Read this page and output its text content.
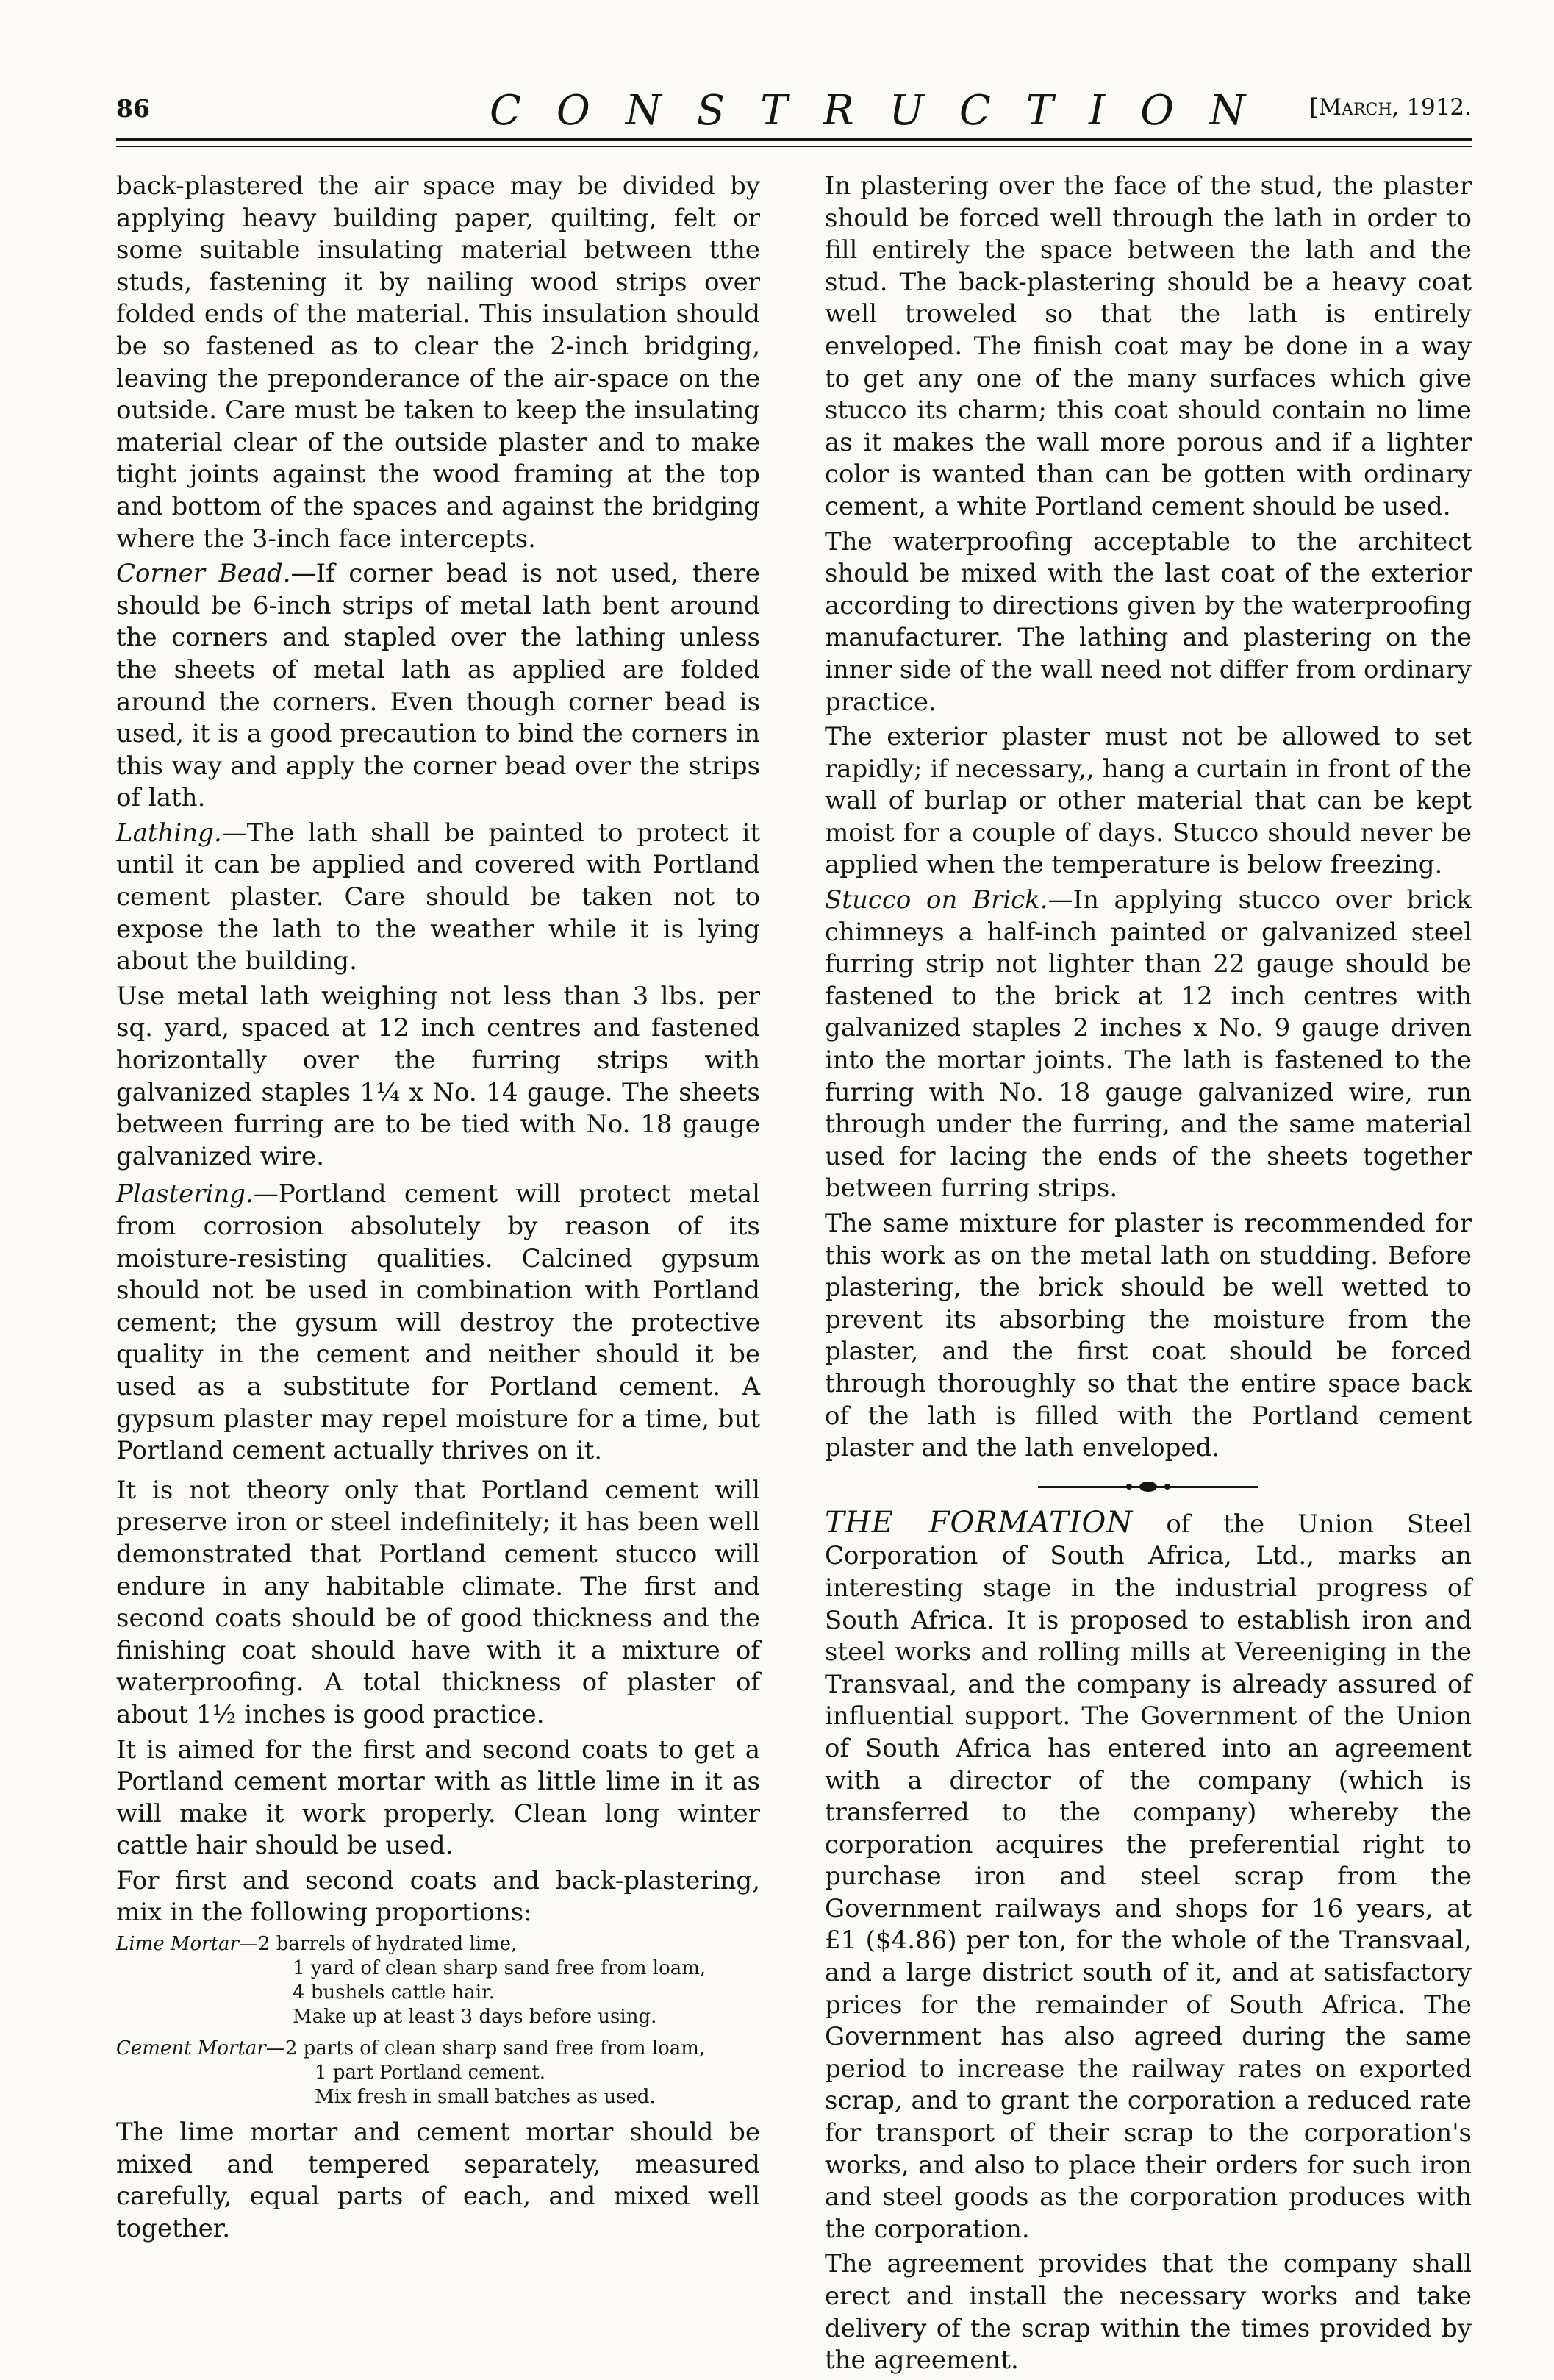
86	CONSTRUCTION [March, 1912.

back-plastered the air space may be divided by applying heavy building paper, quilting, felt or some suitable insulating material between tthe studs, fastening it by nailing wood strips over folded ends of the material. This insulation should be so fastened as to clear the 2-inch bridging, leaving the preponderance of the air-space on the outside. Care must be taken to keep the insulating material clear of the outside plaster and to make tight joints against the wood framing at the top and bottom of the spaces and against the bridging where the 3-inch face intercepts.

Corner Bead.—If corner bead is not used, there should be 6-inch strips of metal lath bent around the corners and stapled over the lathing unless the sheets of metal lath as applied are folded around the corners. Even though corner bead is used, it is a good precaution to bind the corners in this way and apply the corner bead over the strips of lath.

Lathing.—The lath shall be painted to protect it until it can be applied and covered with Portland cement plaster. Care should be taken not to expose the lath to the weather while it is lying about the building.

Use metal lath weighing not less than 3 lbs. per sq. yard, spaced at 12 inch centres and fastened horizontally over the furring strips with galvanized staples 1¼ x No. 14 gauge. The sheets between furring are to be tied with No. 18 gauge galvanized wire.

Plastering.—Portland cement will protect metal from corrosion absolutely by reason of its moisture-resisting qualities. Calcined gypsum should not be used in combination with Portland cement; the gysum will destroy the protective quality in the cement and neither should it be used as a substitute for Portland cement. A gypsum plaster may repel moisture for a time, but Portland cement actually thrives on it.

It is not theory only that Portland cement will preserve iron or steel indefinitely; it has been well demonstrated that Portland cement stucco will endure in any habitable climate. The first and second coats should be of good thickness and the finishing coat should have with it a mixture of waterproofing. A total thickness of plaster of about 1½ inches is good practice.

It is aimed for the first and second coats to get a Portland cement mortar with as little lime in it as will make it work properly. Clean long winter cattle hair should be used.

For first and second coats and back-plastering, mix in the following proportions:

Lime Mortar—2 barrels of hydrated lime,
1 yard of clean sharp sand free from loam,
4 bushels cattle hair.
Make up at least 3 days before using.
Cement Mortar—2 parts of clean sharp sand free from loam,
1 part Portland cement.
Mix fresh in small batches as used.

The lime mortar and cement mortar should be mixed and tempered separately, measured carefully, equal parts of each, and mixed well together.

In plastering over the face of the stud, the plaster should be forced well through the lath in order to fill entirely the space between the lath and the stud. The back-plastering should be a heavy coat well troweled so that the lath is entirely enveloped. The finish coat may be done in a way to get any one of the many surfaces which give stucco its charm; this coat should contain no lime as it makes the wall more porous and if a lighter color is wanted than can be gotten with ordinary cement, a white Portland cement should be used.

The waterproofing acceptable to the architect should be mixed with the last coat of the exterior according to directions given by the waterproofing manufacturer. The lathing and plastering on the inner side of the wall need not differ from ordinary practice.

The exterior plaster must not be allowed to set rapidly; if necessary,, hang a curtain in front of the wall of burlap or other material that can be kept moist for a couple of days. Stucco should never be applied when the temperature is below freezing.

Stucco on Brick.—In applying stucco over brick chimneys a half-inch painted or galvanized steel furring strip not lighter than 22 gauge should be fastened to the brick at 12 inch centres with galvanized staples 2 inches x No. 9 gauge driven into the mortar joints. The lath is fastened to the furring with No. 18 gauge galvanized wire, run through under the furring, and the same material used for lacing the ends of the sheets together between furring strips.

The same mixture for plaster is recommended for this work as on the metal lath on studding. Before plastering, the brick should be well wetted to prevent its absorbing the moisture from the plaster, and the first coat should be forced through thoroughly so that the entire space back of the lath is filled with the Portland cement plaster and the lath enveloped.

THE FORMATION of the Union Steel Corporation of South Africa, Ltd., marks an interesting stage in the industrial progress of South Africa. It is proposed to establish iron and steel works and rolling mills at Vereeniging in the Transvaal, and the company is already assured of influential support. The Government of the Union of South Africa has entered into an agreement with a director of the company (which is transferred to the company) whereby the corporation acquires the preferential right to purchase iron and steel scrap from the Government railways and shops for 16 years, at £1 ($4.86) per ton, for the whole of the Transvaal, and a large district south of it, and at satisfactory prices for the remainder of South Africa. The Government has also agreed during the same period to increase the railway rates on exported scrap, and to grant the corporation a reduced rate for transport of their scrap to the corporation's works, and also to place their orders for such iron and steel goods as the corporation produces with the corporation.

The agreement provides that the company shall erect and install the necessary works and take delivery of the scrap within the times provided by the agreement.
